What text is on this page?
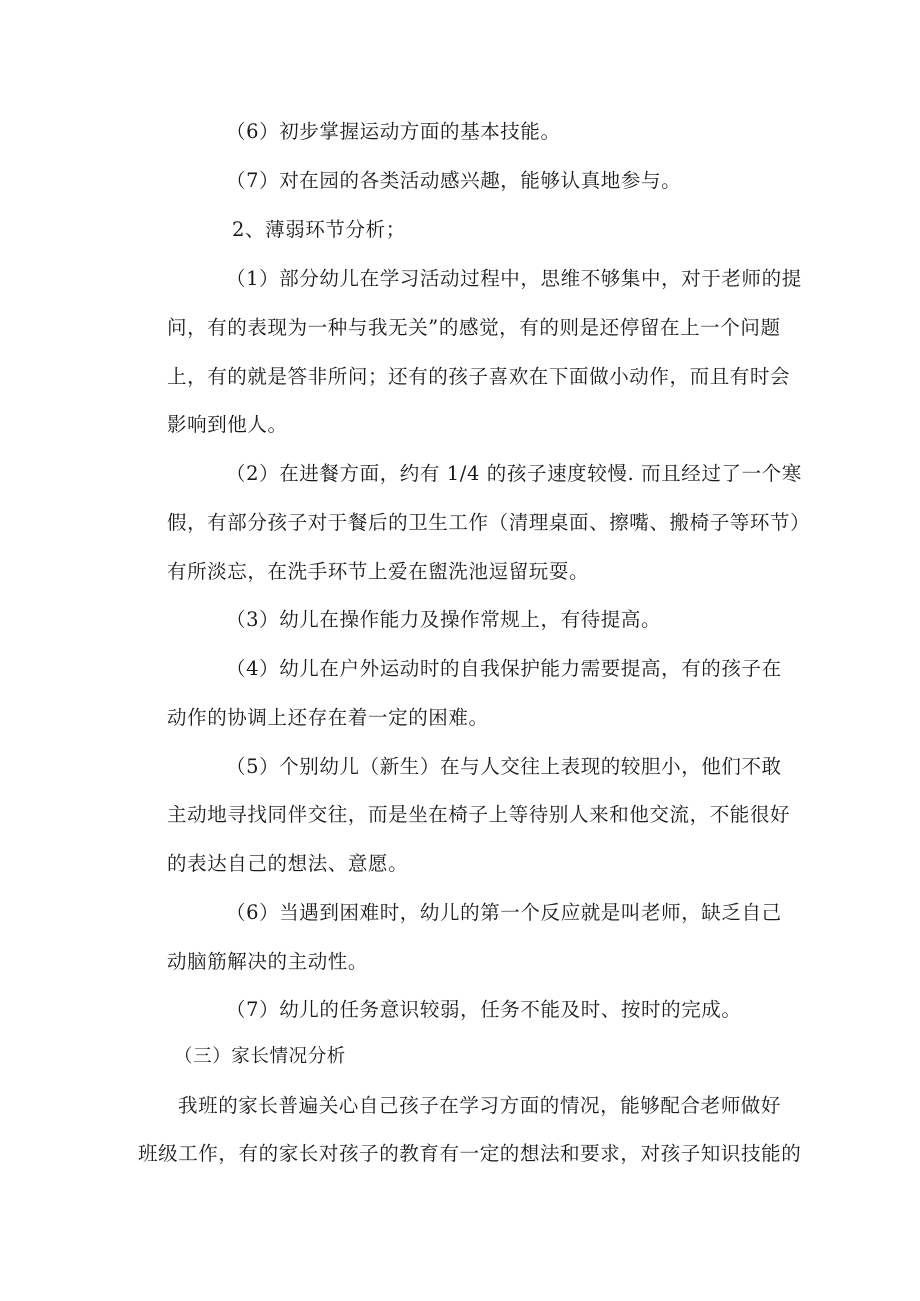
（6）初步掌握运动方面的基本技能。
（7）对在园的各类活动感兴趣，能够认真地参与。
2、薄弱环节分析；
（1）部分幼儿在学习活动过程中，思维不够集中，对于老师的提
问，有的表现为一种与我无关”的感觉，有的则是还停留在上一个问题
上，有的就是答非所问；还有的孩子喜欢在下面做小动作，而且有时会
影响到他人。
（2）在进餐方面，约有 1/4 的孩子速度较慢. 而且经过了一个寒
假，有部分孩子对于餐后的卫生工作（清理桌面、擦嘴、搬椅子等环节）
有所淡忘，在洗手环节上爱在盥洗池逗留玩耍。
（3）幼儿在操作能力及操作常规上，有待提高。
（4）幼儿在户外运动时的自我保护能力需要提高，有的孩子在
动作的协调上还存在着一定的困难。
（5）个别幼儿（新生）在与人交往上表现的较胆小，他们不敢
主动地寻找同伴交往，而是坐在椅子上等待别人来和他交流，不能很好
的表达自己的想法、意愿。
（6）当遇到困难时，幼儿的第一个反应就是叫老师，缺乏自己
动脑筋解决的主动性。
（7）幼儿的任务意识较弱，任务不能及时、按时的完成。
（三）家长情况分析
我班的家长普遍关心自己孩子在学习方面的情况，能够配合老师做好
班级工作，有的家长对孩子的教育有一定的想法和要求，对孩子知识技能的
